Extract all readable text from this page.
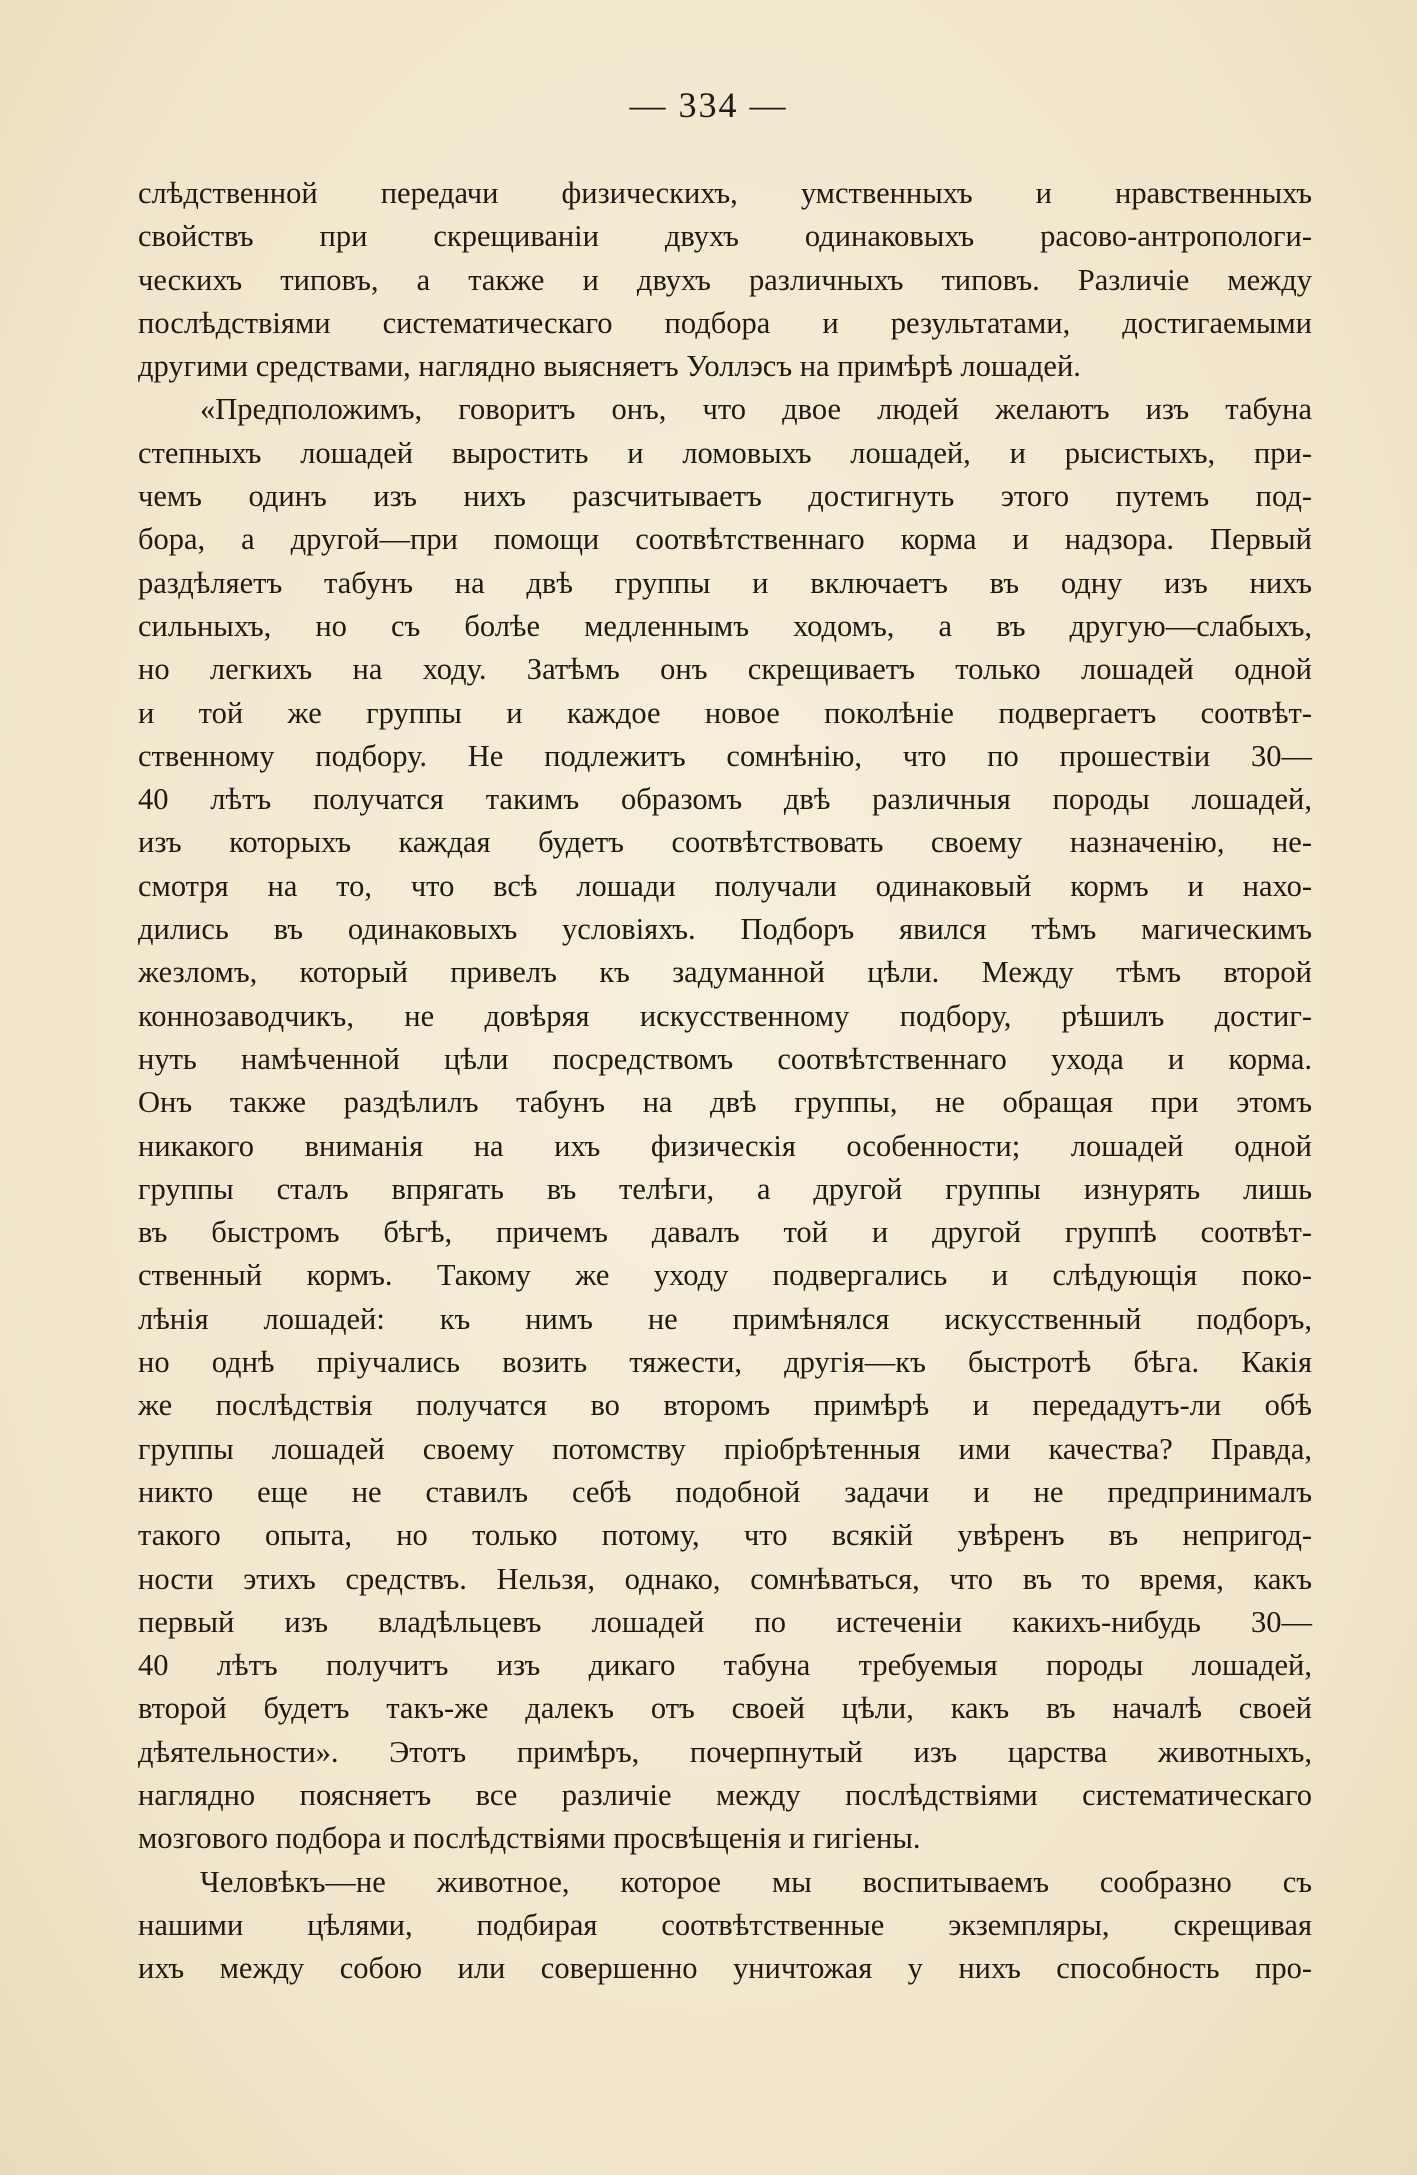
— 334 —
слѣдственной передачи физическихъ, умственныхъ и нравственныхъ
свойствъ при скрещиваніи двухъ одинаковыхъ расово-антропологи-
ческихъ типовъ, а также и двухъ различныхъ типовъ. Различіе между
послѣдствіями систематическаго подбора и результатами, достигаемыми
другими средствами, наглядно выясняетъ Уоллэсъ на примѣрѣ лошадей.
«Предположимъ, говоритъ онъ, что двое людей желаютъ изъ табуна
степныхъ лошадей выростить и ломовыхъ лошадей, и рысистыхъ, при-
чемъ одинъ изъ нихъ разсчитываетъ достигнуть этого путемъ под-
бора, а другой—при помощи соотвѣтственнаго корма и надзора. Первый
раздѣляетъ табунъ на двѣ группы и включаетъ въ одну изъ нихъ
сильныхъ, но съ болѣе медленнымъ ходомъ, а въ другую—слабыхъ,
но легкихъ на ходу. Затѣмъ онъ скрещиваетъ только лошадей одной
и той же группы и каждое новое поколѣніе подвергаетъ соотвѣт-
ственному подбору. Не подлежитъ сомнѣнію, что по прошествіи 30—
40 лѣтъ получатся такимъ образомъ двѣ различныя породы лошадей,
изъ которыхъ каждая будетъ соотвѣтствовать своему назначенію, не-
смотря на то, что всѣ лошади получали одинаковый кормъ и нахо-
дились въ одинаковыхъ условіяхъ. Подборъ явился тѣмъ магическимъ
жезломъ, который привелъ къ задуманной цѣли. Между тѣмъ второй
коннозаводчикъ, не довѣряя искусственному подбору, рѣшилъ достиг-
нуть намѣченной цѣли посредствомъ соотвѣтственнаго ухода и корма.
Онъ также раздѣлилъ табунъ на двѣ группы, не обращая при этомъ
никакого вниманія на ихъ физическія особенности; лошадей одной
группы сталъ впрягать въ телѣги, а другой группы изнурять лишь
въ быстромъ бѣгѣ, причемъ давалъ той и другой группѣ соотвѣт-
ственный кормъ. Такому же уходу подвергались и слѣдующія поко-
лѣнія лошадей: къ нимъ не примѣнялся искусственный подборъ,
но однѣ пріучались возить тяжести, другія—къ быстротѣ бѣга. Какія
же послѣдствія получатся во второмъ примѣрѣ и передадутъ-ли обѣ
группы лошадей своему потомству пріобрѣтенныя ими качества? Правда,
никто еще не ставилъ себѣ подобной задачи и не предпринималъ
такого опыта, но только потому, что всякій увѣренъ въ непригод-
ности этихъ средствъ. Нельзя, однако, сомнѣваться, что въ то время, какъ
первый изъ владѣльцевъ лошадей по истеченіи какихъ-нибудь 30—
40 лѣтъ получитъ изъ дикаго табуна требуемыя породы лошадей,
второй будетъ такъ-же далекъ отъ своей цѣли, какъ въ началѣ своей
дѣятельности». Этотъ примѣръ, почерпнутый изъ царства животныхъ,
наглядно поясняетъ все различіе между послѣдствіями систематическаго
мозгового подбора и послѣдствіями просвѣщенія и гигіены.
Человѣкъ—не животное, которое мы воспитываемъ сообразно съ
нашими цѣлями, подбирая соотвѣтственные экземпляры, скрещивая
ихъ между собою или совершенно уничтожая у нихъ способность про-
